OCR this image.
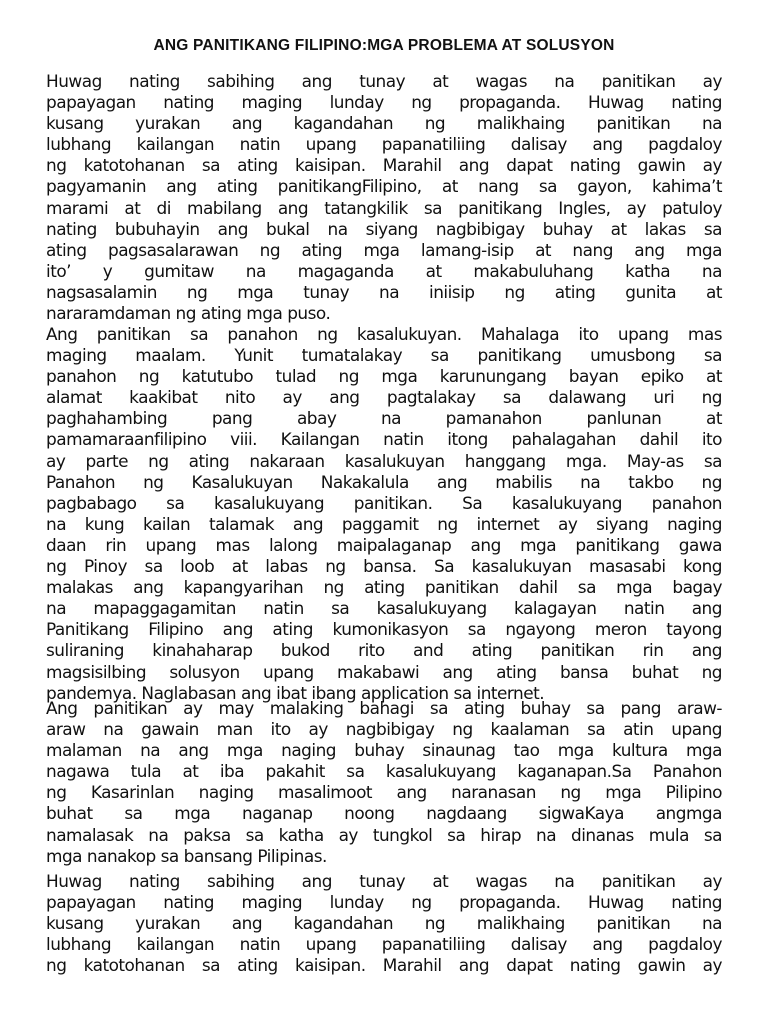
ANG PANITIKANG FILIPINO:MGA PROBLEMA AT SOLUSYON
Huwag nating sabihing ang tunay at wagas na panitikan ay
papayagan nating maging lunday ng propaganda. Huwag nating
kusang yurakan ang kagandahan ng malikhaing panitikan na
lubhang kailangan natin upang papanatiliing dalisay ang pagdaloy
ng katotohanan sa ating kaisipan. Marahil ang dapat nating gawin ay
pagyamanin ang ating panitikangFilipino, at nang sa gayon, kahima’t
marami at di mabilang ang tatangkilik sa panitikang Ingles, ay patuloy
nating bubuhayin ang bukal na siyang nagbibigay buhay at lakas sa
ating pagsasalarawan ng ating mga lamang-isip at nang ang mga
ito’ y gumitaw na magaganda at makabuluhang katha na
nagsasalamin ng mga tunay na iniisip ng ating gunita at
nararamdaman ng ating mga puso.
Ang panitikan sa panahon ng kasalukuyan. Mahalaga ito upang mas
maging maalam. Yunit tumatalakay sa panitikang umusbong sa
panahon ng katutubo tulad ng mga karunungang bayan epiko at
alamat kaakibat nito ay ang pagtalakay sa dalawang uri ng
paghahambing pang abay na pamanahon panlunan at
pamamaraanfilipino viii. Kailangan natin itong pahalagahan dahil ito
ay parte ng ating nakaraan kasalukuyan hanggang mga. May-as sa
Panahon ng Kasalukuyan Nakakalula ang mabilis na takbo ng
pagbabago sa kasalukuyang panitikan. Sa kasalukuyang panahon
na kung kailan talamak ang paggamit ng internet ay siyang naging
daan rin upang mas lalong maipalaganap ang mga panitikang gawa
ng Pinoy sa loob at labas ng bansa. Sa kasalukuyan masasabi kong
malakas ang kapangyarihan ng ating panitikan dahil sa mga bagay
na mapaggagamitan natin sa kasalukuyang kalagayan natin ang
Panitikang Filipino ang ating kumonikasyon sa ngayong meron tayong
suliraning kinahaharap bukod rito and ating panitikan rin ang
magsisilbing solusyon upang makabawi ang ating bansa buhat ng
pandemya. Naglabasan ang ibat ibang application sa internet.
Ang panitikan ay may malaking bahagi sa ating buhay sa pang araw-
araw na gawain man ito ay nagbibigay ng kaalaman sa atin upang
malaman na ang mga naging buhay sinaunag tao mga kultura mga
nagawa tula at iba pakahit sa kasalukuyang kaganapan.Sa Panahon
ng Kasarinlan naging masalimoot ang naranasan ng mga Pilipino
buhat sa mga naganap noong nagdaang sigwaKaya angmga
namalasak na paksa sa katha ay tungkol sa hirap na dinanas mula sa
mga nanakop sa bansang Pilipinas.
Huwag nating sabihing ang tunay at wagas na panitikan ay
papayagan nating maging lunday ng propaganda. Huwag nating
kusang yurakan ang kagandahan ng malikhaing panitikan na
lubhang kailangan natin upang papanatiliing dalisay ang pagdaloy
ng katotohanan sa ating kaisipan. Marahil ang dapat nating gawin ay
